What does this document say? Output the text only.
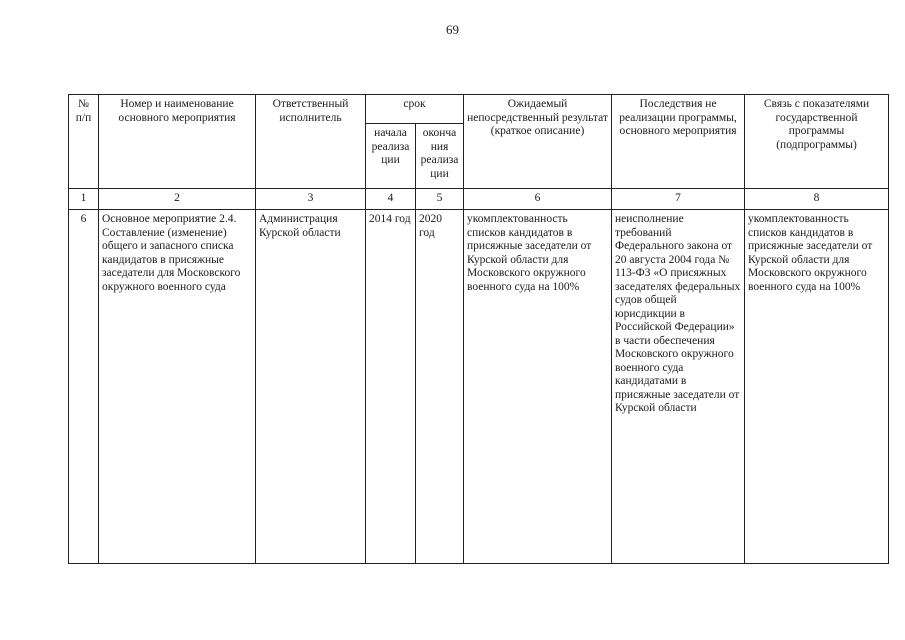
69
№ п/п	Номер и наименование основного мероприятия	Ответственный исполнитель	срок		Ожидаемый непосредственный результат (краткое описание)	Последствия не реализации программы, основного мероприятия	Связь с показателями государственной программы (подпрограммы)
			начала реализа ции	оконча ния реализа ции			
1	2	3	4	5	6	7	8
6	Основное мероприятие 2.4. Составление (изменение) общего и запасного списка кандидатов в присяжные заседатели для Московского окружного военного суда	Администрация Курской области	2014 год	2020 год	укомплектованность списков кандидатов в присяжные заседатели от Курской области для Московского окружного военного суда на 100%	неисполнение требований Федерального закона от 20 августа 2004 года № 113-ФЗ «О присяжных заседателях федеральных судов общей юрисдикции в Российской Федерации» в части обеспечения Московского окружного военного суда кандидатами в присяжные заседатели от Курской области	укомплектованность списков кандидатов в присяжные заседатели от Курской области для Московского окружного военного суда на 100%
